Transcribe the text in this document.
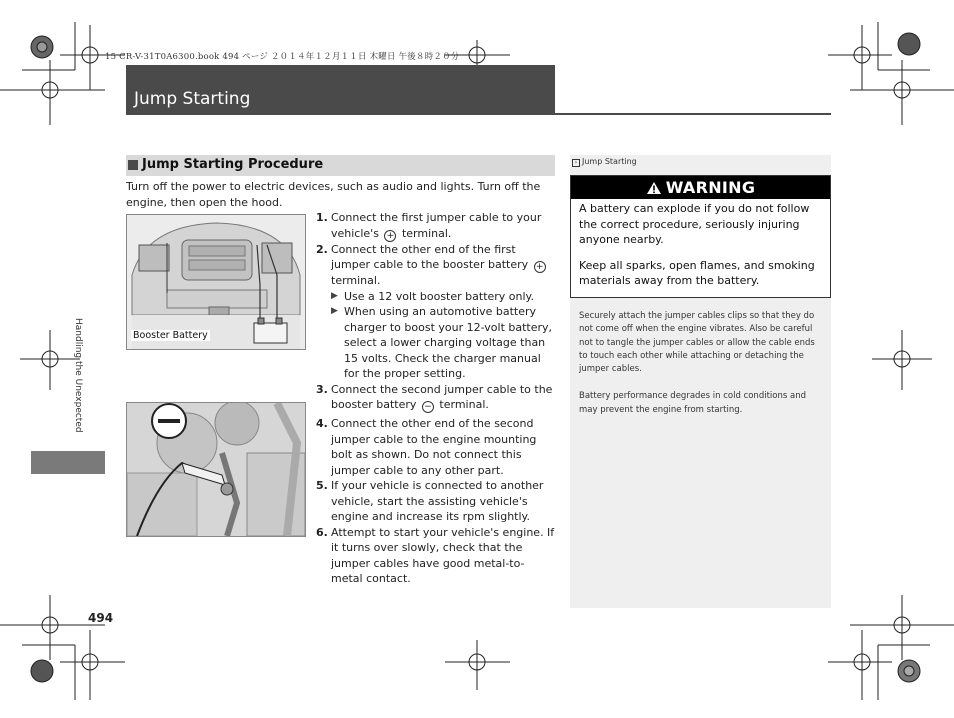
15 CR-V-31T0A6300.book 494 ページ ２０１４年１２月１１日 木曜日 午後８時２０分
Jump Starting
Handling the Unexpected
494
Jump Starting Procedure
Turn off the power to electric devices, such as audio and lights. Turn off the engine, then open the hood.
Booster Battery
1. Connect the first jumper cable to your vehicle's + terminal.
2. Connect the other end of the first jumper cable to the booster battery + terminal.
▶ Use a 12 volt booster battery only.
▶ When using an automotive battery charger to boost your 12-volt battery, select a lower charging voltage than 15 volts. Check the charger manual for the proper setting.
3. Connect the second jumper cable to the booster battery − terminal.
4. Connect the other end of the second jumper cable to the engine mounting bolt as shown. Do not connect this jumper cable to any other part.
5. If your vehicle is connected to another vehicle, start the assisting vehicle's engine and increase its rpm slightly.
6. Attempt to start your vehicle's engine. If it turns over slowly, check that the jumper cables have good metal-to-metal contact.
› Jump Starting
WARNING

A battery can explode if you do not follow the correct procedure, seriously injuring anyone nearby.

Keep all sparks, open flames, and smoking materials away from the battery.

Securely attach the jumper cables clips so that they do not come off when the engine vibrates. Also be careful not to tangle the jumper cables or allow the cable ends to touch each other while attaching or detaching the jumper cables.

Battery performance degrades in cold conditions and may prevent the engine from starting.
